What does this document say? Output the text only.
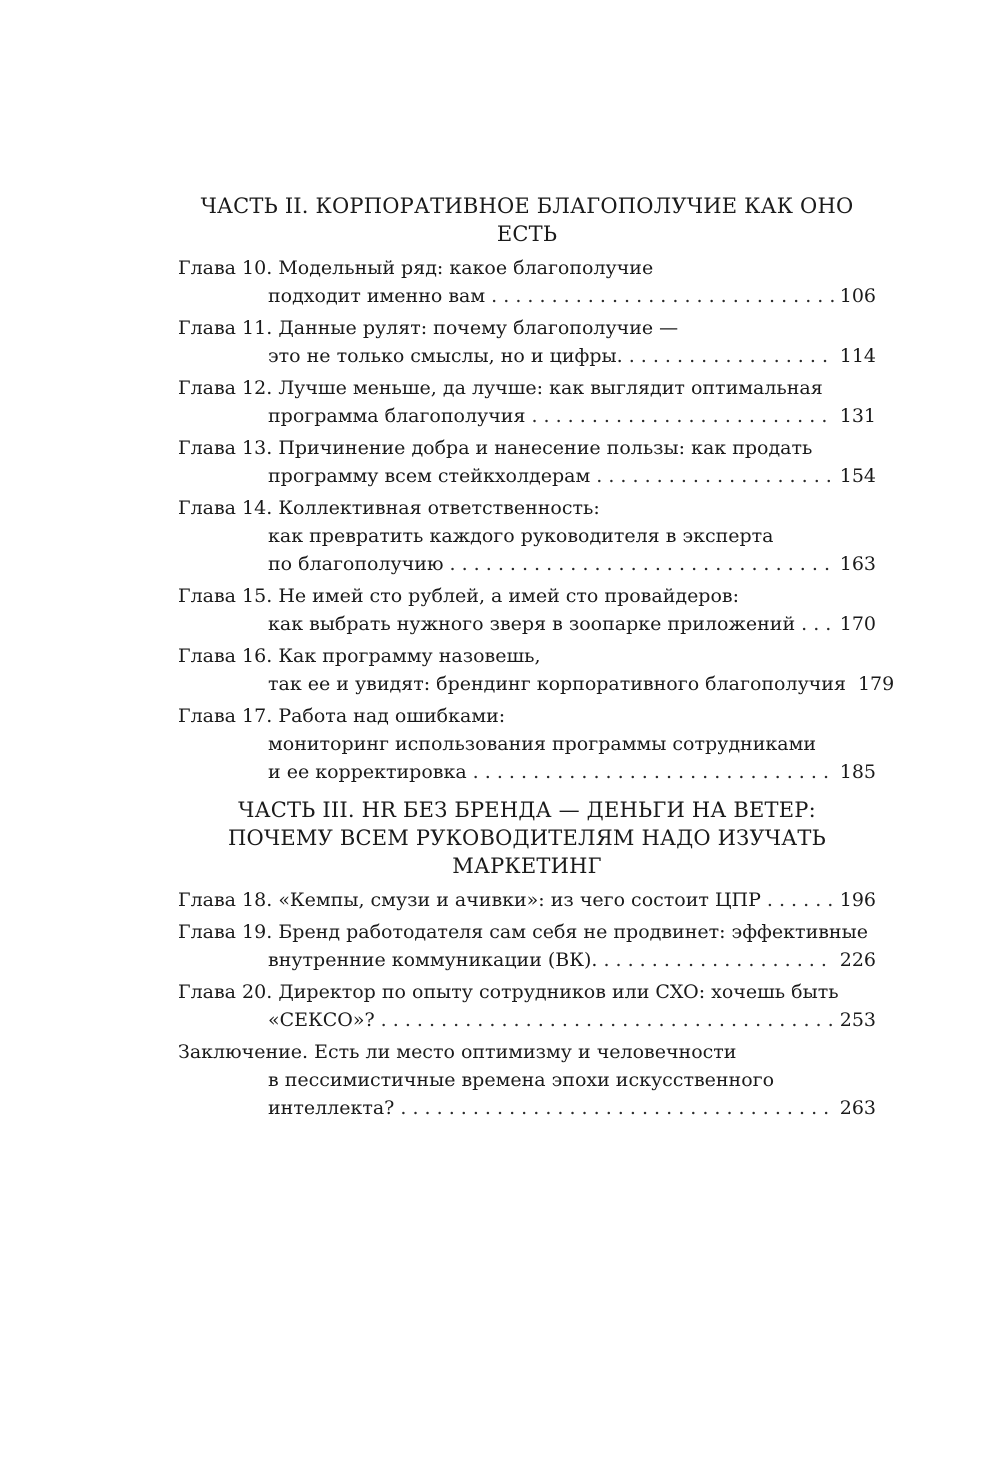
ЧАСТЬ II. КОРПОРАТИВНОЕ БЛАГОПОЛУЧИЕ КАК ОНО
ЕСТЬ
Глава 10. Модельный ряд: какое благополучие
подходит именно вам . . .	106
Глава 11. Данные рулят: почему благополучие —
это не только смыслы, но и цифры. . . .	114
Глава 12. Лучше меньше, да лучше: как выглядит оптимальная
программа благополучия . . .	131
Глава 13. Причинение добра и нанесение пользы: как продать
программу всем стейкхолдерам . . .	154
Глава 14. Коллективная ответственность:
как превратить каждого руководителя в эксперта
по благополучию . . .	163
Глава 15. Не имей сто рублей, а имей сто провайдеров:
как выбрать нужного зверя в зоопарке приложений . . . 170
Глава 16. Как программу назовешь,
так ее и увидят: брендинг корпоративного благополучия 179
Глава 17. Работа над ошибками:
мониторинг использования программы сотрудниками
и ее корректировка . . .	185
ЧАСТЬ III. HR БЕЗ БРЕНДА — ДЕНЬГИ НА ВЕТЕР:
ПОЧЕМУ ВСЕМ РУКОВОДИТЕЛЯМ НАДО ИЗУЧАТЬ
МАРКЕТИНГ
Глава 18. «Кемпы, смузи и ачивки»: из чего состоит ЦПР . . .	196
Глава 19. Бренд работодателя сам себя не продвинет: эффективные
внутренние коммуникации (ВК). . . .	226
Глава 20. Директор по опыту сотрудников или CXO: хочешь быть
«СЕКСО»? . . .	253
Заключение. Есть ли место оптимизму и человечности
в пессимистичные времена эпохи искусственного
интеллекта? . . .	263
